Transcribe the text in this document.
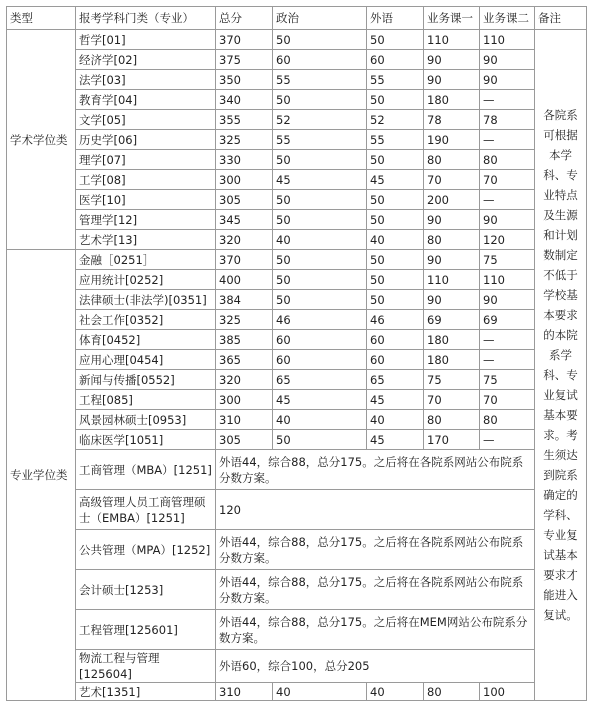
类型	报考学科门类（专业）	总分	政治	外语	业务课一	业务课二	备注
学术学位类	哲学[01]	370	50	50	110	110	各院系可根据本学科、专业特点及生源和计划数制定不低于学校基本要求的本院系学科、专业复试基本要求。考生须达到院系确定的学科、专业复试基本要求才能进入复试。

	经济学[02]	375	60	60	90	90	
	法学[03]	350	55	55	90	90	
	教育学[04]	340	50	50	180	—	
	文学[05]	355	52	52	78	78	
	历史学[06]	325	55	55	190	—	
	理学[07]	330	50	50	80	80	
	工学[08]	300	45	45	70	70	
	医学[10]	305	50	50	200	—	
	管理学[12]	345	50	50	90	90	
	艺术学[13]	320	40	40	80	120	
专业学位类	金融［0251］	370	50	50	90	75	
	应用统计[0252]	400	50	50	110	110	
	法律硕士(非法学)[0351]	384	50	50	90	90	
	社会工作[0352]	325	46	46	69	69	
	体育[0452]	385	60	60	180	—	
	应用心理[0454]	365	60	60	180	—	
	新闻与传播[0552]	320	65	65	75	75	
	工程[085]	300	45	45	70	70	
	风景园林硕士[0953]	310	40	40	80	80	
	临床医学[1051]	305	50	45	170	—	
	工商管理（MBA）[1251]	外语44，综合88，总分175。之后将在各院系网站公布院系分数方案。					
	高级管理人员工商管理硕士（EMBA）[1251]	120					
	公共管理（MPA）[1252]	外语44，综合88，总分175。之后将在各院系网站公布院系分数方案。					
	会计硕士[1253]	外语44，综合88，总分175。之后将在各院系网站公布院系分数方案。					
	工程管理[125601]	外语44，综合88，总分175。之后将在MEM网站公布院系分数方案。					
	物流工程与管理[125604]	外语60，综合100，总分205					
	艺术[1351]	310	40	40	80	100	
